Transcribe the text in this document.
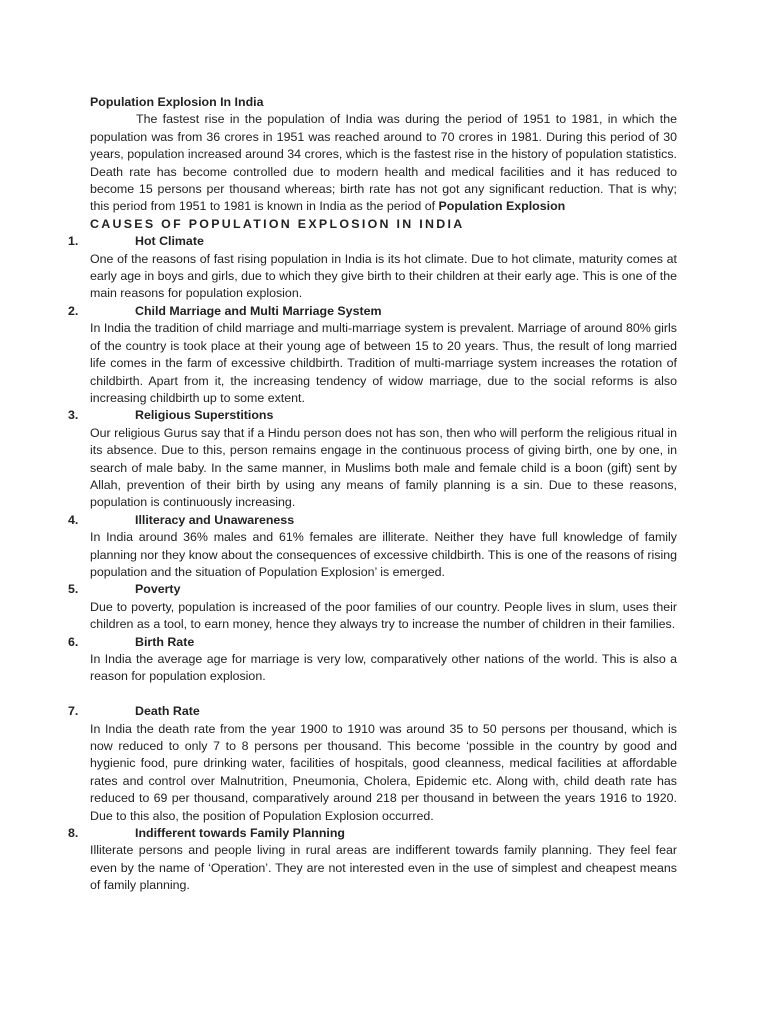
Population Explosion In India

The fastest rise in the population of India was during the period of 1951 to 1981, in which the population was from 36 crores in 1951 was reached around to 70 crores in 1981. During this period of 30 years, population increased around 34 crores, which is the fastest rise in the history of population statistics. Death rate has become controlled due to modern health and medical facilities and it has reduced to become 15 persons per thousand whereas; birth rate has not got any significant reduction. That is why; this period from 1951 to 1981 is known in India as the period of Population Explosion

CAUSES OF POPULATION EXPLOSION IN INDIA

1.	Hot Climate

One of the reasons of fast rising population in India is its hot climate. Due to hot climate, maturity comes at early age in boys and girls, due to which they give birth to their children at their early age. This is one of the main reasons for population explosion.

2.	Child Marriage and Multi Marriage System

In India the tradition of child marriage and multi-marriage system is prevalent. Marriage of around 80% girls of the country is took place at their young age of between 15 to 20 years. Thus, the result of long married life comes in the farm of excessive childbirth. Tradition of multi-marriage system increases the rotation of childbirth. Apart from it, the increasing tendency of widow marriage, due to the social reforms is also increasing childbirth up to some extent.

3.	Religious Superstitions

Our religious Gurus say that if a Hindu person does not has son, then who will perform the religious ritual in its absence. Due to this, person remains engage in the continuous process of giving birth, one by one, in search of male baby. In the same manner, in Muslims both male and female child is a boon (gift) sent by Allah, prevention of their birth by using any means of family planning is a sin. Due to these reasons, population is continuously increasing.

4.	Illiteracy and Unawareness

In India around 36% males and 61% females are illiterate. Neither they have full knowledge of family planning nor they know about the consequences of excessive childbirth. This is one of the reasons of rising population and the situation of Population Explosion’ is emerged.

5.	Poverty

Due to poverty, population is increased of the poor families of our country. People lives in slum, uses their children as a tool, to earn money, hence they always try to increase the number of children in their families.

6.	Birth Rate

In India the average age for marriage is very low, comparatively other nations of the world. This is also a reason for population explosion.

7.	Death Rate

In India the death rate from the year 1900 to 1910 was around 35 to 50 persons per thousand, which is now reduced to only 7 to 8 persons per thousand. This become ‘possible in the country by good and hygienic food, pure drinking water, facilities of hospitals, good cleanness, medical facilities at affordable rates and control over Malnutrition, Pneumonia, Cholera, Epidemic etc. Along with, child death rate has reduced to 69 per thousand, comparatively around 218 per thousand in between the years 1916 to 1920. Due to this also, the position of Population Explosion occurred.

8.	Indifferent towards Family Planning

Illiterate persons and people living in rural areas are indifferent towards family planning. They feel fear even by the name of ‘Operation’. They are not interested even in the use of simplest and cheapest means of family planning.
